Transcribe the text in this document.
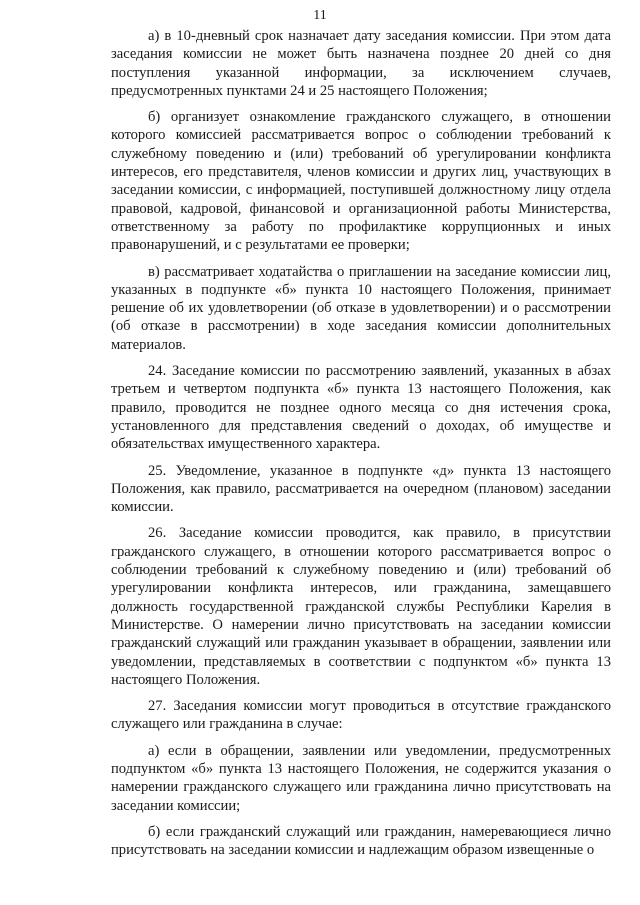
11

а) в 10-дневный срок назначает дату заседания комиссии. При этом дата заседания комиссии не может быть назначена позднее 20 дней со дня поступления указанной информации, за исключением случаев, предусмотренных пунктами 24 и 25 настоящего Положения;

б) организует ознакомление гражданского служащего, в отношении которого комиссией рассматривается вопрос о соблюдении требований к служебному поведению и (или) требований об урегулировании конфликта интересов, его представителя, членов комиссии и других лиц, участвующих в заседании комиссии, с информацией, поступившей должностному лицу отдела правовой, кадровой, финансовой и организационной работы Министерства, ответственному за работу по профилактике коррупционных и иных правонарушений, и с результатами ее проверки;

в) рассматривает ходатайства о приглашении на заседание комиссии лиц, указанных в подпункте «б» пункта 10 настоящего Положения, принимает решение об их удовлетворении (об отказе в удовлетворении) и о рассмотрении (об отказе в рассмотрении) в ходе заседания комиссии дополнительных материалов.

24. Заседание комиссии по рассмотрению заявлений, указанных в абзах третьем и четвертом подпункта «б» пункта 13 настоящего Положения, как правило, проводится не позднее одного месяца со дня истечения срока, установленного для представления сведений о доходах, об имуществе и обязательствах имущественного характера.

25. Уведомление, указанное в подпункте «д» пункта 13 настоящего Положения, как правило, рассматривается на очередном (плановом) заседании комиссии.

26. Заседание комиссии проводится, как правило, в присутствии гражданского служащего, в отношении которого рассматривается вопрос о соблюдении требований к служебному поведению и (или) требований об урегулировании конфликта интересов, или гражданина, замещавшего должность государственной гражданской службы Республики Карелия в Министерстве. О намерении лично присутствовать на заседании комиссии гражданский служащий или гражданин указывает в обращении, заявлении или уведомлении, представляемых в соответствии с подпунктом «б» пункта 13 настоящего Положения.

27. Заседания комиссии могут проводиться в отсутствие гражданского служащего или гражданина в случае:

а) если в обращении, заявлении или уведомлении, предусмотренных подпунктом «б» пункта 13 настоящего Положения, не содержится указания о намерении гражданского служащего или гражданина лично присутствовать на заседании комиссии;

б) если гражданский служащий или гражданин, намеревающиеся лично присутствовать на заседании комиссии и надлежащим образом извещенные о
